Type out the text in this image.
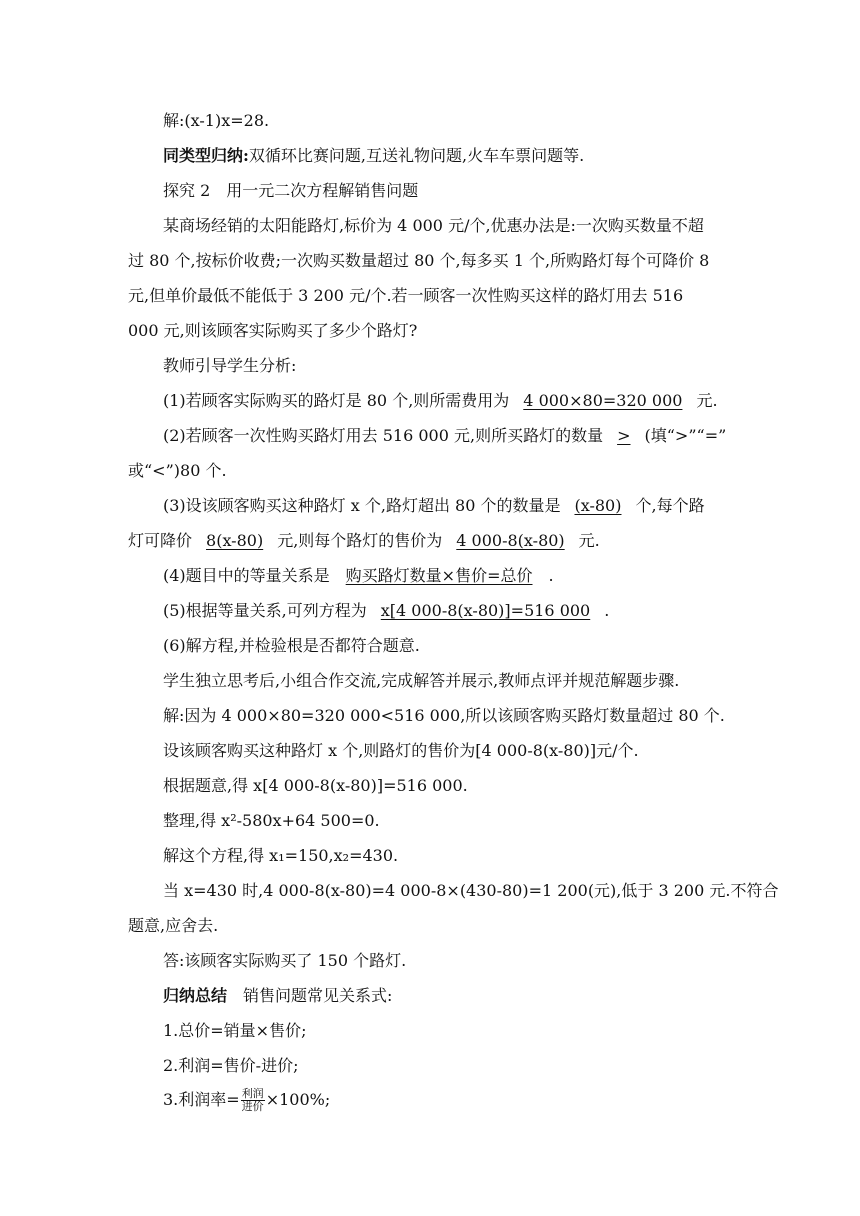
解:(x-1)x=28.
同类型归纳:双循环比赛问题,互送礼物问题,火车车票问题等.
探究 2　用一元二次方程解销售问题
某商场经销的太阳能路灯,标价为 4 000 元/个,优惠办法是:一次购买数量不超
过 80 个,按标价收费;一次购买数量超过 80 个,每多买 1 个,所购路灯每个可降价 8
元,但单价最低不能低于 3 200 元/个.若一顾客一次性购买这样的路灯用去 516
000 元,则该顾客实际购买了多少个路灯?
教师引导学生分析:
(1)若顾客实际购买的路灯是 80 个,则所需费用为 4 000×80=320 000 元.
(2)若顾客一次性购买路灯用去 516 000 元,则所买路灯的数量 > (填“>”“=”
或“<”)80 个.
(3)设该顾客购买这种路灯 x 个,路灯超出 80 个的数量是 (x-80) 个,每个路
灯可降价 8(x-80) 元,则每个路灯的售价为 4 000-8(x-80) 元.
(4)题目中的等量关系是 购买路灯数量×售价=总价 .
(5)根据等量关系,可列方程为 x[4 000-8(x-80)]=516 000 .
(6)解方程,并检验根是否都符合题意.
学生独立思考后,小组合作交流,完成解答并展示,教师点评并规范解题步骤.
解:因为 4 000×80=320 000<516 000,所以该顾客购买路灯数量超过 80 个.
设该顾客购买这种路灯 x 个,则路灯的售价为[4 000-8(x-80)]元/个.
根据题意,得 x[4 000-8(x-80)]=516 000.
整理,得 x²-580x+64 500=0.
解这个方程,得 x₁=150,x₂=430.
当 x=430 时,4 000-8(x-80)=4 000-8×(430-80)=1 200(元),低于 3 200 元.不符合
题意,应舍去.
答:该顾客实际购买了 150 个路灯.
归纳总结 销售问题常见关系式:
1.总价=销量×售价;
2.利润=售价-进价;
3.利润率= $\frac{\text{利润}}{\text{进价}} \times 100\%$;
